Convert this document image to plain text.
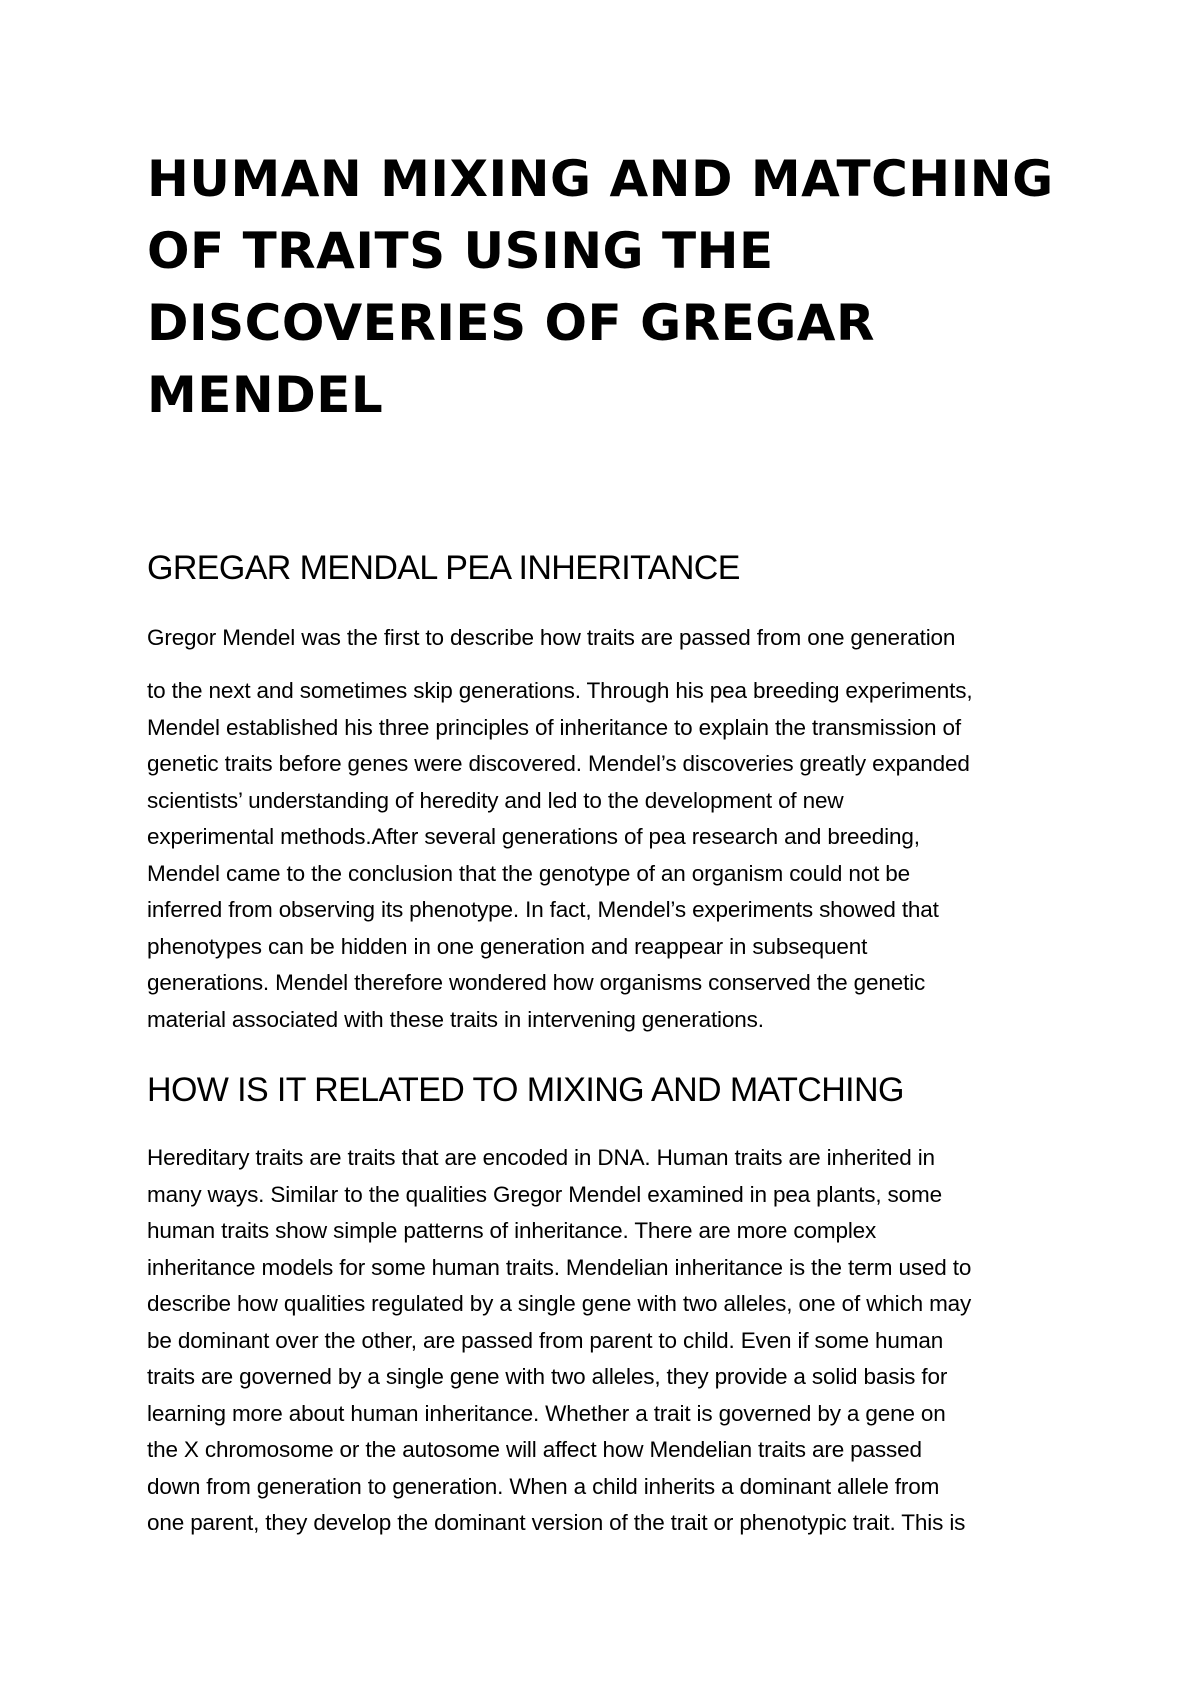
HUMAN MIXING AND MATCHING OF TRAITS USING THE DISCOVERIES OF GREGAR MENDEL
GREGAR MENDAL PEA INHERITANCE

Gregor Mendel was the first to describe how traits are passed from one generation

to the next and sometimes skip generations. Through his pea breeding experiments,
Mendel established his three principles of inheritance to explain the transmission of
genetic traits before genes were discovered. Mendel’s discoveries greatly expanded
scientists’ understanding of heredity and led to the development of new
experimental methods.After several generations of pea research and breeding,
Mendel came to the conclusion that the genotype of an organism could not be
inferred from observing its phenotype. In fact, Mendel’s experiments showed that
phenotypes can be hidden in one generation and reappear in subsequent
generations. Mendel therefore wondered how organisms conserved the genetic
material associated with these traits in intervening generations.

HOW IS IT RELATED TO MIXING AND MATCHING

Hereditary traits are traits that are encoded in DNA. Human traits are inherited in
many ways. Similar to the qualities Gregor Mendel examined in pea plants, some
human traits show simple patterns of inheritance. There are more complex
inheritance models for some human traits. Mendelian inheritance is the term used to
describe how qualities regulated by a single gene with two alleles, one of which may
be dominant over the other, are passed from parent to child. Even if some human
traits are governed by a single gene with two alleles, they provide a solid basis for
learning more about human inheritance. Whether a trait is governed by a gene on
the X chromosome or the autosome will affect how Mendelian traits are passed
down from generation to generation. When a child inherits a dominant allele from
one parent, they develop the dominant version of the trait or phenotypic trait. This is
